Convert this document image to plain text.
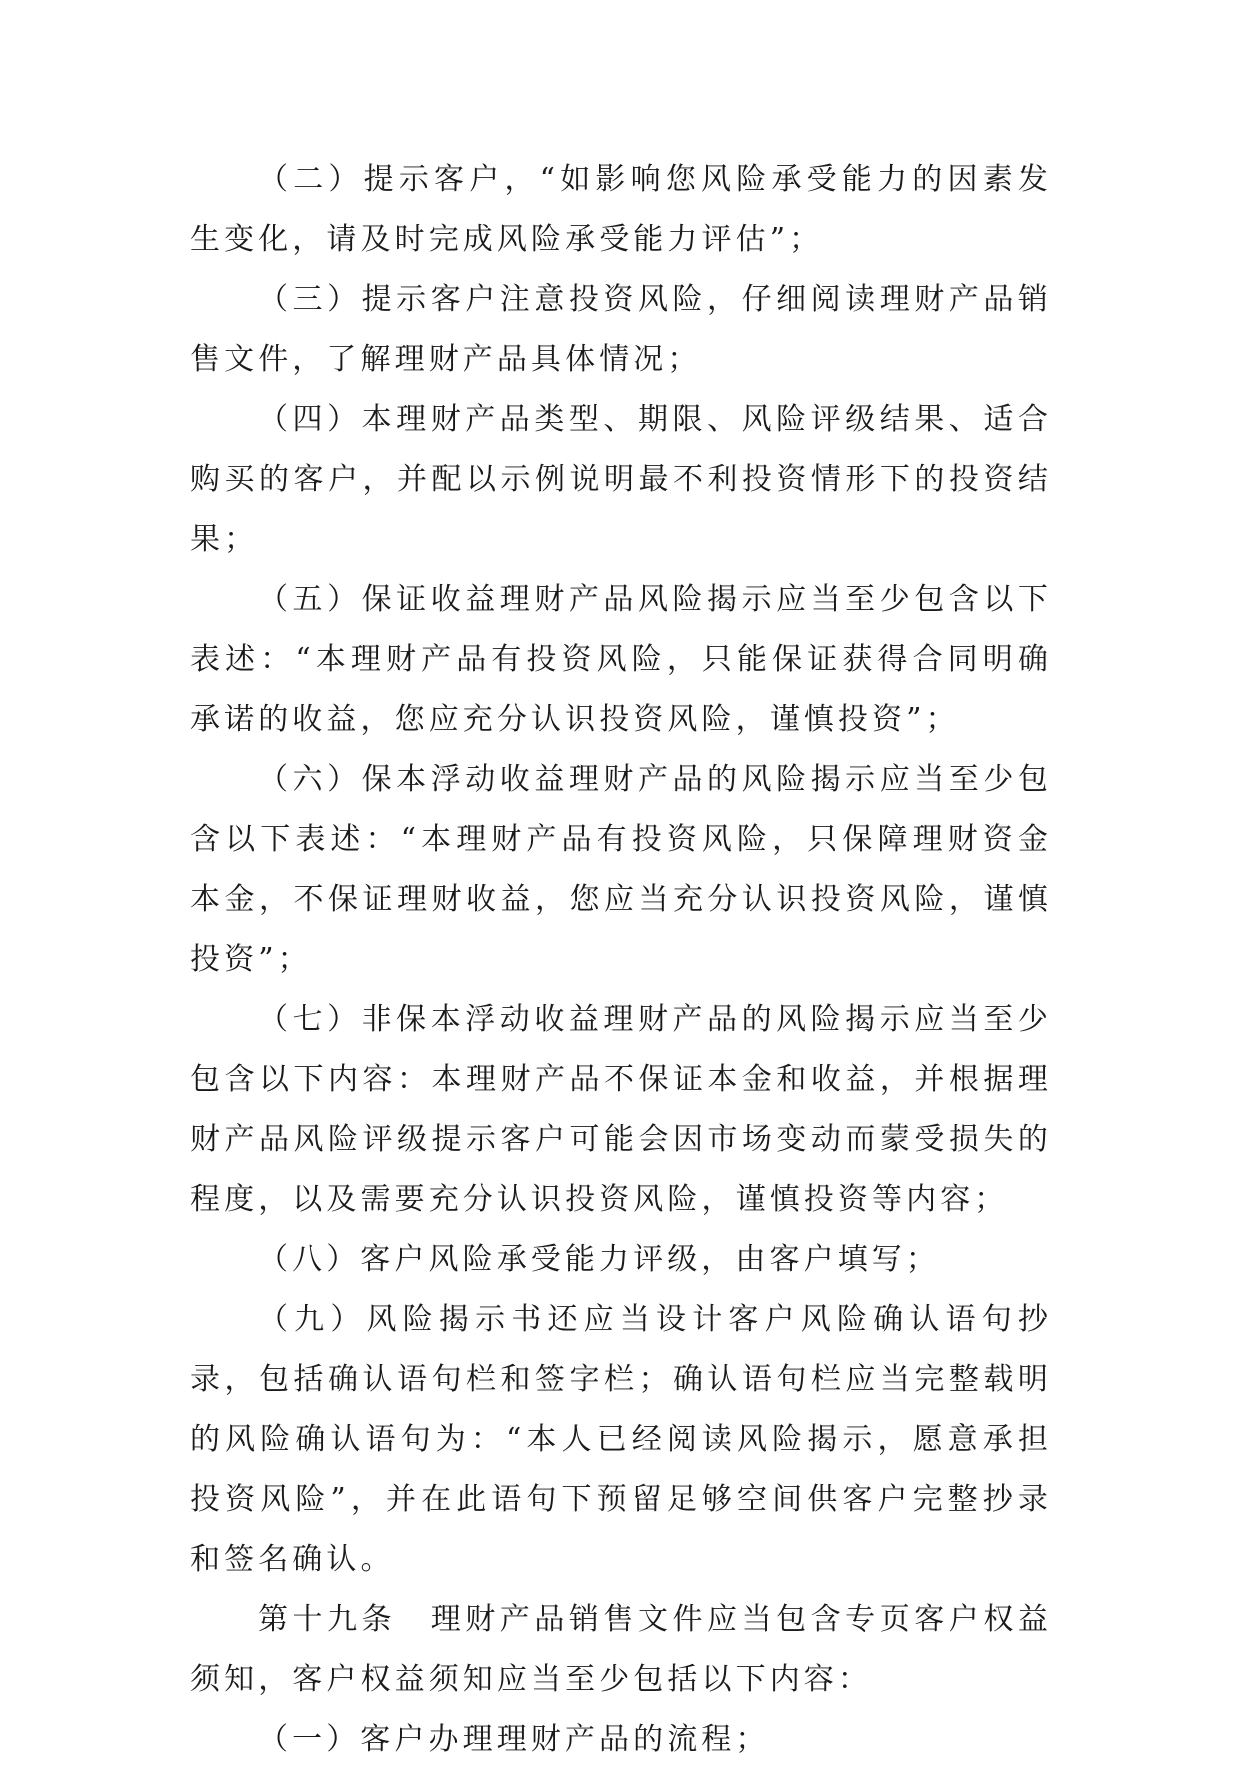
（二）提示客户，“如影响您风险承受能力的因素发生变化，请及时完成风险承受能力评估”；

（三）提示客户注意投资风险，仔细阅读理财产品销售文件，了解理财产品具体情况；

（四）本理财产品类型、期限、风险评级结果、适合购买的客户，并配以示例说明最不利投资情形下的投资结果；

（五）保证收益理财产品风险揭示应当至少包含以下表述：“本理财产品有投资风险，只能保证获得合同明确承诺的收益，您应充分认识投资风险，谨慎投资”；

（六）保本浮动收益理财产品的风险揭示应当至少包含以下表述：“本理财产品有投资风险，只保障理财资金本金，不保证理财收益，您应当充分认识投资风险，谨慎投资”；

（七）非保本浮动收益理财产品的风险揭示应当至少包含以下内容：本理财产品不保证本金和收益，并根据理财产品风险评级提示客户可能会因市场变动而蒙受损失的程度，以及需要充分认识投资风险，谨慎投资等内容；

（八）客户风险承受能力评级，由客户填写；

（九）风险揭示书还应当设计客户风险确认语句抄录，包括确认语句栏和签字栏；确认语句栏应当完整载明的风险确认语句为：“本人已经阅读风险揭示，愿意承担投资风险”，并在此语句下预留足够空间供客户完整抄录和签名确认。

第十九条　理财产品销售文件应当包含专页客户权益须知，客户权益须知应当至少包括以下内容：

（一）客户办理理财产品的流程；
